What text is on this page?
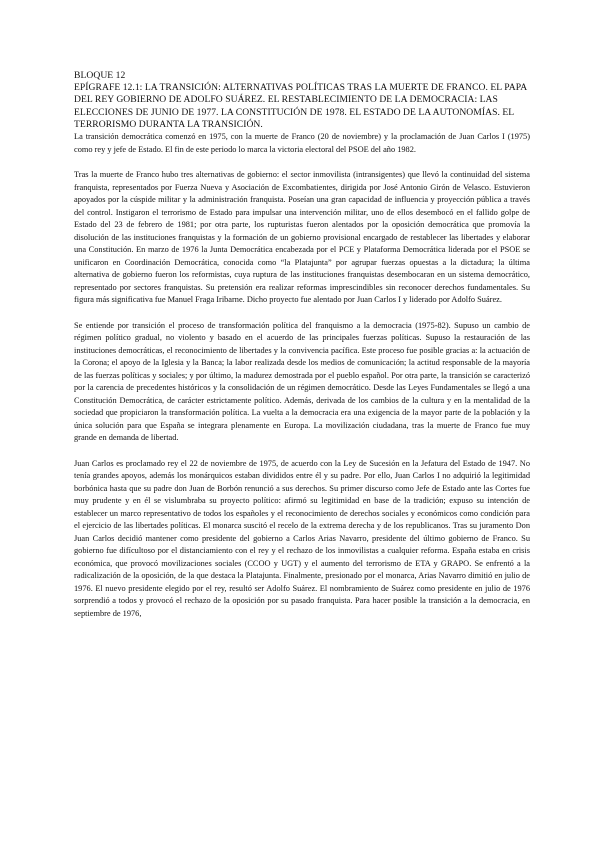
BLOQUE 12

EPÍGRAFE 12.1: LA TRANSICIÓN: ALTERNATIVAS POLÍTICAS TRAS LA MUERTE DE FRANCO. EL PAPA DEL REY GOBIERNO DE ADOLFO SUÁREZ. EL RESTABLECIMIENTO DE LA DEMOCRACIA: LAS ELECCIONES DE JUNIO DE 1977. LA CONSTITUCIÓN DE 1978. EL ESTADO DE LA AUTONOMÍAS. EL TERRORISMO DURANTA LA TRANSICIÓN.

La transición democrática comenzó en 1975, con la muerte de Franco (20 de noviembre) y la proclamación de Juan Carlos I (1975) como rey y jefe de Estado. El fin de este periodo lo marca la victoria electoral del PSOE del año 1982.

Tras la muerte de Franco hubo tres alternativas de gobierno: el sector inmovilista (intransigentes) que llevó la continuidad del sistema franquista, representados por Fuerza Nueva y Asociación de Excombatientes, dirigida por José Antonio Girón de Velasco. Estuvieron apoyados por la cúspide militar y la administración franquista. Poseían una gran capacidad de influencia y proyección pública a través del control. Instigaron el terrorismo de Estado para impulsar una intervención militar, uno de ellos desembocó en el fallido golpe de Estado del 23 de febrero de 1981; por otra parte, los rupturistas fueron alentados por la oposición democrática que promovía la disolución de las instituciones franquistas y la formación de un gobierno provisional encargado de restablecer las libertades y elaborar una Constitución. En marzo de 1976 la Junta Democrática encabezada por el PCE y Plataforma Democrática liderada por el PSOE se unificaron en Coordinación Democrática, conocida como “la Platajunta” por agrupar fuerzas opuestas a la dictadura; la última alternativa de gobierno fueron los reformistas, cuya ruptura de las instituciones franquistas desembocaran en un sistema democrático, representado por sectores franquistas. Su pretensión era realizar reformas imprescindibles sin reconocer derechos fundamentales. Su figura más significativa fue Manuel Fraga Iribarne. Dicho proyecto fue alentado por Juan Carlos I y liderado por Adolfo Suárez.

Se entiende por transición el proceso de transformación política del franquismo a la democracia (1975-82). Supuso un cambio de régimen político gradual, no violento y basado en el acuerdo de las principales fuerzas políticas. Supuso la restauración de las instituciones democráticas, el reconocimiento de libertades y la convivencia pacífica. Este proceso fue posible gracias a: la actuación de la Corona; el apoyo de la Iglesia y la Banca; la labor realizada desde los medios de comunicación; la actitud responsable de la mayoría de las fuerzas políticas y sociales; y por último, la madurez demostrada por el pueblo español. Por otra parte, la transición se caracterizó por la carencia de precedentes históricos y la consolidación de un régimen democrático. Desde las Leyes Fundamentales se llegó a una Constitución Democrática, de carácter estrictamente político. Además, derivada de los cambios de la cultura y en la mentalidad de la sociedad que propiciaron la transformación política. La vuelta a la democracia era una exigencia de la mayor parte de la población y la única solución para que España se integrara plenamente en Europa. La movilización ciudadana, tras la muerte de Franco fue muy grande en demanda de libertad.

Juan Carlos es proclamado rey el 22 de noviembre de 1975, de acuerdo con la Ley de Sucesión en la Jefatura del Estado de 1947. No tenía grandes apoyos, además los monárquicos estaban divididos entre él y su padre. Por ello, Juan Carlos I no adquirió la legitimidad borbónica hasta que su padre don Juan de Borbón renunció a sus derechos. Su primer discurso como Jefe de Estado ante las Cortes fue muy prudente y en él se vislumbraba su proyecto político: afirmó su legitimidad en base de la tradición; expuso su intención de establecer un marco representativo de todos los españoles y el reconocimiento de derechos sociales y económicos como condición para el ejercicio de las libertades políticas. El monarca suscitó el recelo de la extrema derecha y de los republicanos. Tras su juramento Don Juan Carlos decidió mantener como presidente del gobierno a Carlos Arias Navarro, presidente del último gobierno de Franco. Su gobierno fue difícultoso por el distanciamiento con el rey y el rechazo de los inmovilistas a cualquier reforma. España estaba en crisis económica, que provocó movilizaciones sociales (CCOO y UGT) y el aumento del terrorismo de ETA y GRAPO. Se enfrentó a la radicalización de la oposición, de la que destaca la Platajunta. Finalmente, presionado por el monarca, Arias Navarro dimitió en julio de 1976. El nuevo presidente elegido por el rey, resultó ser Adolfo Suárez. El nombramiento de Suárez como presidente en julio de 1976 sorprendió a todos y provocó el rechazo de la oposición por su pasado franquista. Para hacer posible la transición a la democracia, en septiembre de 1976,
